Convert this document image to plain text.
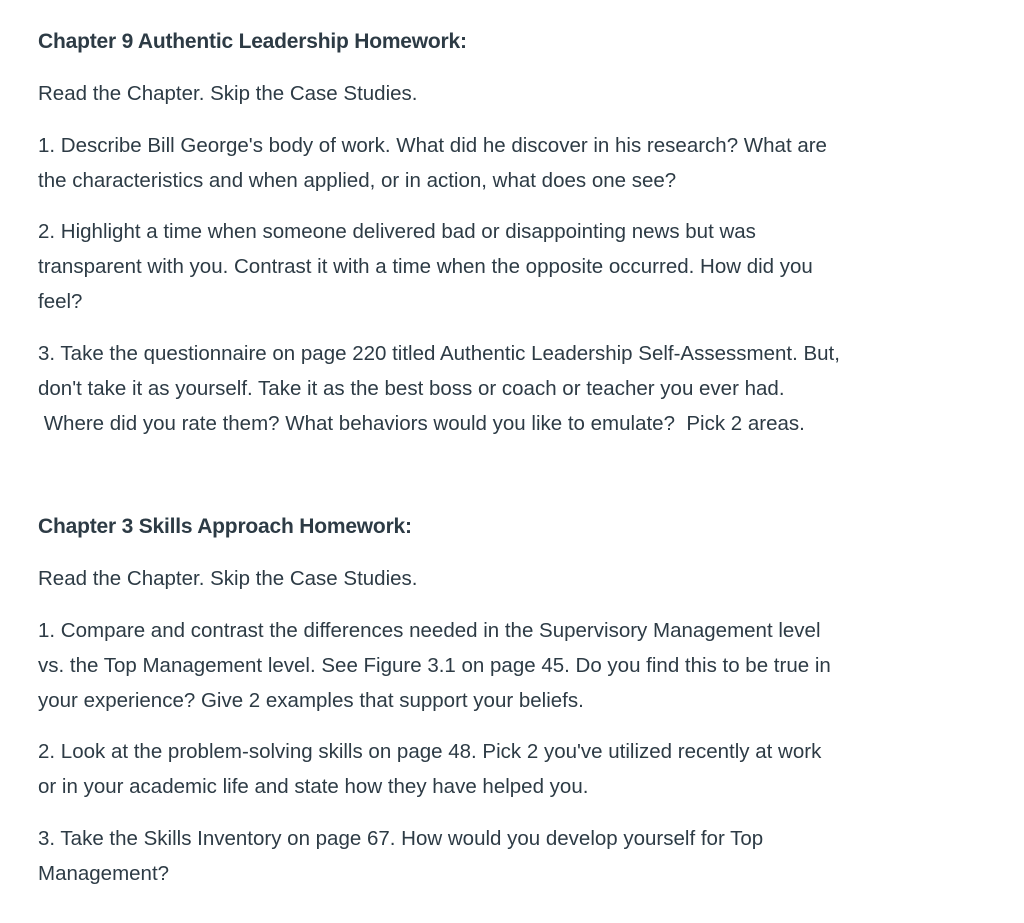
Chapter 9 Authentic Leadership Homework:

Read the Chapter. Skip the Case Studies.

1. Describe Bill George's body of work. What did he discover in his research? What are
the characteristics and when applied, or in action, what does one see?

2. Highlight a time when someone delivered bad or disappointing news but was
transparent with you. Contrast it with a time when the opposite occurred. How did you
feel?

3. Take the questionnaire on page 220 titled Authentic Leadership Self-Assessment. But,
don't take it as yourself. Take it as the best boss or coach or teacher you ever had.
Where did you rate them? What behaviors would you like to emulate?  Pick 2 areas.

Chapter 3 Skills Approach Homework:

Read the Chapter. Skip the Case Studies.

1. Compare and contrast the differences needed in the Supervisory Management level
vs. the Top Management level. See Figure 3.1 on page 45. Do you find this to be true in
your experience? Give 2 examples that support your beliefs.

2. Look at the problem-solving skills on page 48. Pick 2 you've utilized recently at work
or in your academic life and state how they have helped you.

3. Take the Skills Inventory on page 67. How would you develop yourself for Top
Management?
